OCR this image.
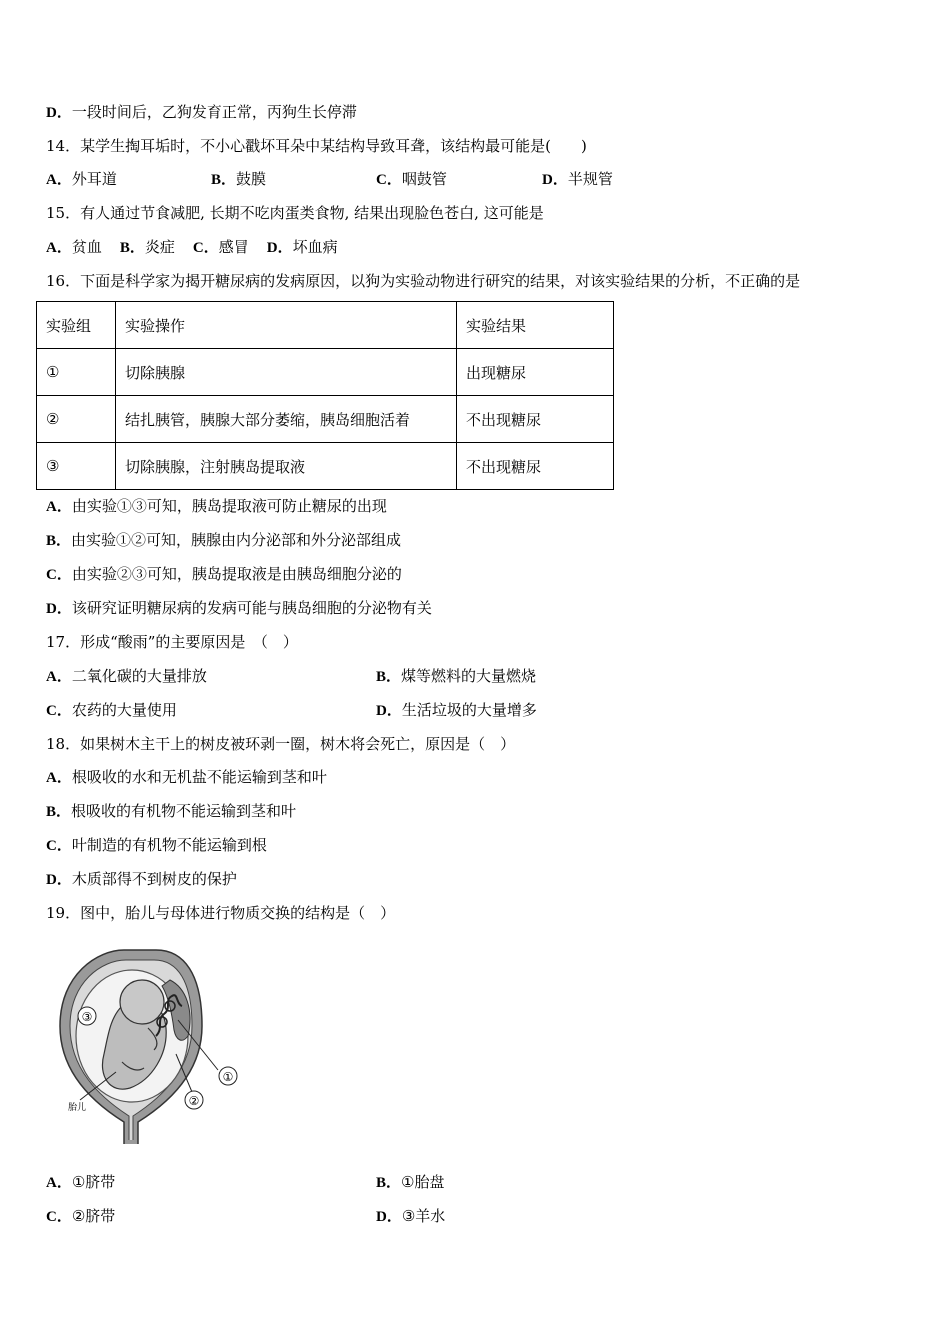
D．一段时间后，乙狗发育正常，丙狗生长停滞
14．某学生掏耳垢时，不小心戳坏耳朵中某结构导致耳聋，该结构最可能是(　　)
A．外耳道	B．鼓膜	C．咽鼓管	D．半规管
15．有人通过节食减肥, 长期不吃肉蛋类食物, 结果出现脸色苍白, 这可能是
A．贫血 B．炎症 C．感冒 D．坏血病
16．下面是科学家为揭开糖尿病的发病原因，以狗为实验动物进行研究的结果，对该实验结果的分析，不正确的是
实验组	实验操作	实验结果
①	切除胰腺	出现糖尿
②	结扎胰管，胰腺大部分萎缩，胰岛细胞活着	不出现糖尿
③	切除胰腺，注射胰岛提取液	不出现糖尿
A．由实验①③可知，胰岛提取液可防止糖尿的出现
B．由实验①②可知，胰腺由内分泌部和外分泌部组成
C．由实验②③可知，胰岛提取液是由胰岛细胞分泌的
D．该研究证明糖尿病的发病可能与胰岛细胞的分泌物有关
17．形成“酸雨”的主要原因是　（　）
A．二氧化碳的大量排放	B．煤等燃料的大量燃烧
C．农药的大量使用	D．生活垃圾的大量增多
18．如果树木主干上的树皮被环剥一圈，树木将会死亡，原因是（　）
A．根吸收的水和无机盐不能运输到茎和叶
B．根吸收的有机物不能运输到茎和叶
C．叶制造的有机物不能运输到根
D．木质部得不到树皮的保护
19．图中，胎儿与母体进行物质交换的结构是（　）
①
②
③
胎儿
A．①脐带	B．①胎盘
C．②脐带	D．③羊水
